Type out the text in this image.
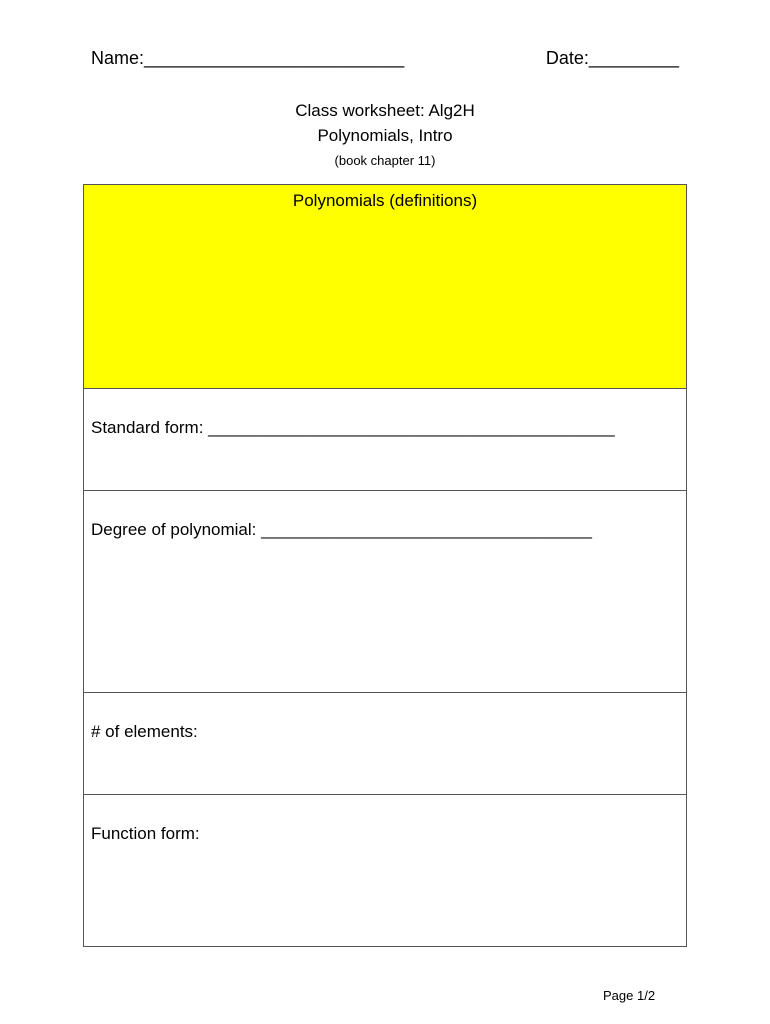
Name:__________________________	Date:_________
Class worksheet: Alg2H
Polynomials, Intro
(book chapter 11)
Polynomials (definitions)
Standard form: ___________________________________________
Degree of polynomial: ___________________________________
# of elements:
Function form:
Page 1/2
